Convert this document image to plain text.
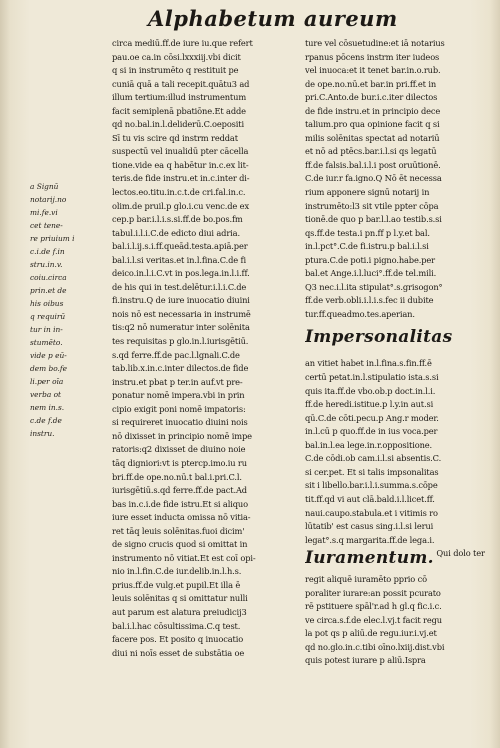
Alphabetum aureum
a Signū
notarij.no
mi.fe.vi
cet tene-
re priuium i
c.i.de f.in
stru.in.v.
coiu.circa
prin.et de
his oibus
q requirū
tur in in-
stumēto.
vide p eū-
dem bo.fe
li.per oīa
verba ot
nem in.s.
c.de f.de
instru.
circa mediū.ff.de iure iu.que refert
pau.oe ca.in cōsi.lxxxiij.vbi dicit
q si in instrumēto q restituit pe
cuniā quā a tali recepit.quātu3 ad
illum tertium:illud instrumentum
facit semiplenā pbatiōne.Et adde
qd no.bal.in.l.deliderū.C.oepositi
Sī tu vis scire qd instrm reddat
suspectū vel inualidū pter cācella
tione.vide ea q habētur in.c.ex lit-
teris.de fide instru.et in.c.inter di-
lectos.eo.titu.in.c.t.de cri.fal.in.c.
olim.de pruil.p glo.i.cu venc.de ex
cep.p bar.i.l.i.s.si.ff.de bo.pos.fm
tabul.i.l.i.C.de edicto diui adria.
bal.i.l.ij.s.i.ff.queād.testa.apiā.per
bal.i.l.si veritas.et in.l.fina.C.de fi
deico.in.l.i.C.vt in pos.lega.in.l.i.ff.
de his qui in test.delētur.i.l.i.C.de
fi.instru.Q de iure inuocatio diuini
nois nō est necessaria in instrumē
tis:q2 nō numeratur inter solēnita
tes requisitas p glo.in.l.iurisgētiū.
s.qd ferre.ff.de pac.l.lgnali.C.de
tab.lib.x.in.c.inter dilectos.de fide
instru.et pbat p ter.in auf.vt pre-
ponatur nomē impera.vbi in prin
cipio exigit poni nomē impatoris:
si requireret inuocatio diuini nois
nō dixisset in principio nomē impe
ratoris:q2 dixisset de diuino noie
tāq digniori:vt is ptercp.imo.iu ru
bri.ff.de ope.no.nū.t bal.i.pri.C.l.
iurisgētiū.s.qd ferre.ff.de pact.Ad
bas in.c.i.de fide istru.Et si aliquo
iure esset inducta omissa nō vitia-
ret tāq leuis solēnitas.fuoi dicim'
de signo crucis quod si omittat in
instrumento nō vitiat.Et est coī opi-
nio in.l.fin.C.de iur.delib.in.l.h.s.
prius.ff.de vulg.et pupil.Et illa ē
leuis solēnitas q si omittatur nulli
aut parum est alatura preiudicij3
bal.i.l.hac cōsultissima.C.q test.
facere pos. Et posito q inuocatio
diui ni noīs esset de substātia oe
ture vel cōsuetudine:et iā notarius
rpanus pōcens instrm iter iudeos
vel inuoca:et it tenet bar.in.o.rub.
de ope.no.nū.et bar.in pri.ff.et in
pri.C.Anto.de bur.i.c.iter dilectos
de fide instru.et in principio dece
talium.pro qua opinione facit q si
milis solēnitas spectat ad notariū
et nō ad ptēcs.bar.i.l.si qs legatū
ff.de falsis.bal.i.l.i post oruūtionē.
C.de iur.r fa.igno.Q Nō ēt necessa
rium apponere signū notarij in
instrumēto:l3 sit vtile ppter cōpa
tionē.de quo p bar.l.l.ao testib.s.si
qs.ff.de testa.i pn.ff p l.y.et bal.
in.l.pct°.C.de fi.istru.p bal.i.l.si
ptura.C.de poti.i pigno.habe.per
bal.et Ange.i.l.luci°.ff.de tel.mili.
Q3 nec.i.l.ita stipulat°.s.grisogon°
ff.de verb.obli.i.l.i.s.fec ii dubite
tur.ff.queadmo.tes.aperian.
Impersonalitas
an vitiet habet in.l.fina.s.fin.ff.ē
certū petat.in.l.stipulatio ista.s.si
quis ita.ff.de vbo.ob.p doct.in.l.i.
ff.de heredi.istitue.p l.y.in aut.si
qū.C.de cōti.pecu.p Ang.r moder.
in.l.cū p quo.ff.de in ius voca.per
bal.in.l.ea lege.in.r.oppositione.
C.de cōdi.ob cam.i.l.si absentis.C.
si cer.pet. Et si talis impsonalitas
sit i libello.bar.i.l.i.summa.s.cōpe
tit.ff.qd vi aut clā.bald.i.l.licet.ff.
naui.caupo.stabula.et i vitimis ro
lūtatib' est casus sing.i.l.si lerui
legat°.s.q margarita.ff.de lega.i.
Iuramentum. Qui dolo ter
regit aliquē iuramēto pprio cō
poraliter iurare:an possit pcurato
rē pstituere spāl'r.ad h gl.q fic.i.c.
ve circa.s.f.de elec.l.vj.t facit regu
la pot qs p aliū.de regu.iur.i.vj.et
qd no.glo.in.c.tibi oīno.lxiij.dist.vbi
quis potest iurare p aliū.Ispra
